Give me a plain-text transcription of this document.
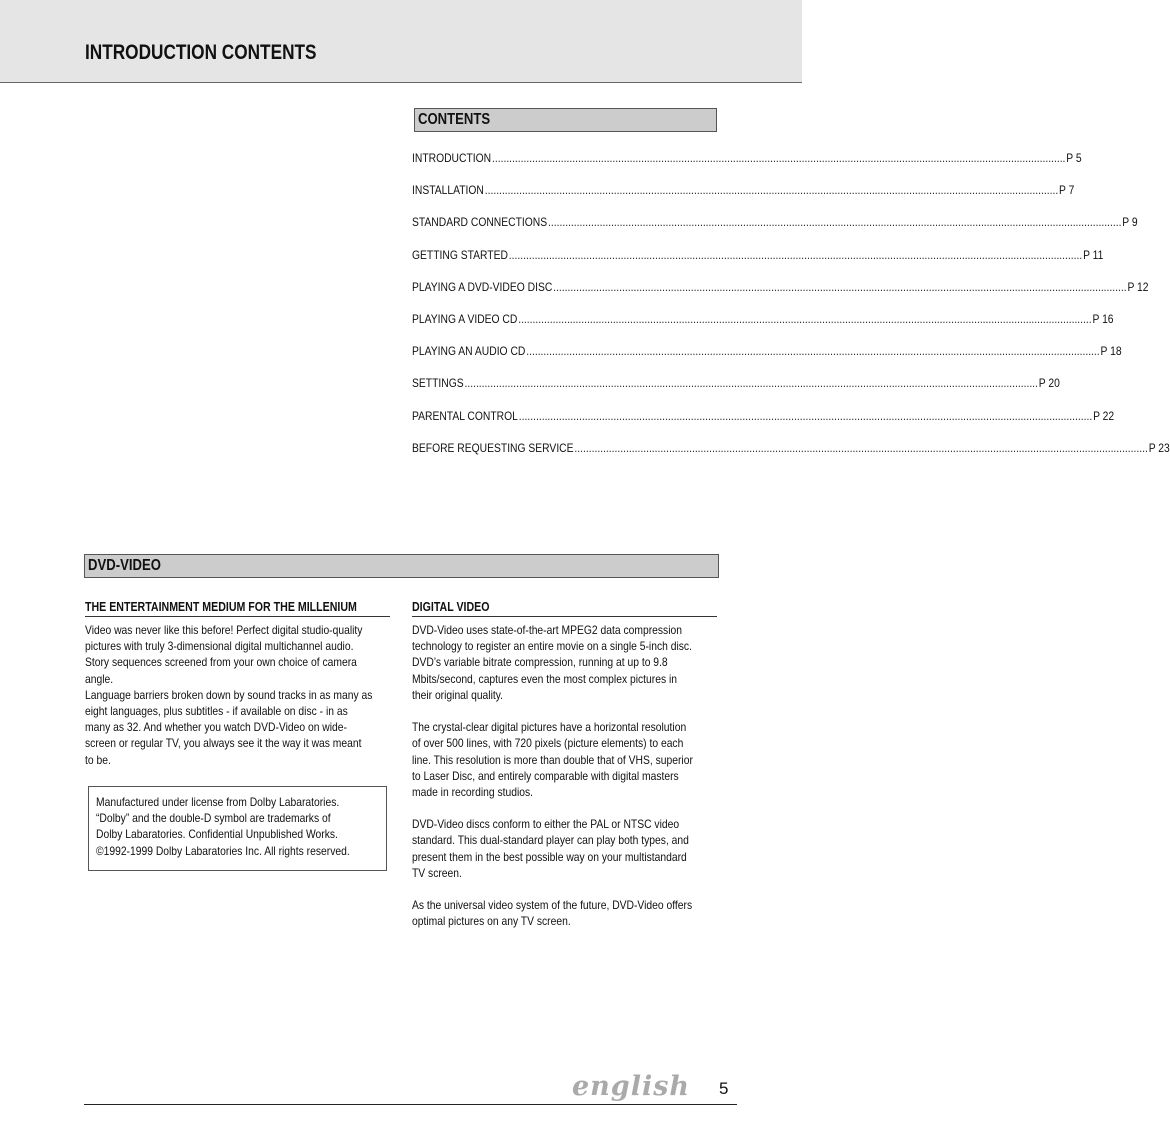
INTRODUCTION CONTENTS
CONTENTS
INTRODUCTION ........................................................................................................................................................................................................ P 5
INSTALLATION ........................................................................................................................................................................................................ P 7
STANDARD CONNECTIONS ........................................................................................................................................................................................................ P 9
GETTING STARTED ........................................................................................................................................................................................................ P 11
PLAYING A DVD-VIDEO DISC ........................................................................................................................................................................................................ P 12
PLAYING A VIDEO CD ........................................................................................................................................................................................................ P 16
PLAYING AN AUDIO CD ........................................................................................................................................................................................................ P 18
SETTINGS ........................................................................................................................................................................................................ P 20
PARENTAL CONTROL ........................................................................................................................................................................................................ P 22
BEFORE REQUESTING SERVICE ........................................................................................................................................................................................................ P 23
DVD-VIDEO
THE ENTERTAINMENT MEDIUM FOR THE MILLENIUM
Video was never like this before! Perfect digital studio-quality
pictures with truly 3-dimensional digital multichannel audio.
Story sequences screened from your own choice of camera
angle.
Language barriers broken down by sound tracks in as many as
eight languages, plus subtitles - if available on disc - in as
many as 32. And whether you watch DVD-Video on wide-
screen or regular TV, you always see it the way it was meant
to be.
Manufactured under license from Dolby Labaratories.
“Dolby” and the double-D symbol are trademarks of
Dolby Labaratories. Confidential Unpublished Works.
©1992-1999 Dolby Labaratories Inc. All rights reserved.
DIGITAL VIDEO
DVD-Video uses state-of-the-art MPEG2 data compression
technology to register an entire movie on a single 5-inch disc.
DVD’s variable bitrate compression, running at up to 9.8
Mbits/second, captures even the most complex pictures in
their original quality.
The crystal-clear digital pictures have a horizontal resolution
of over 500 lines, with 720 pixels (picture elements) to each
line. This resolution is more than double that of VHS, superior
to Laser Disc, and entirely comparable with digital masters
made in recording studios.
DVD-Video discs conform to either the PAL or NTSC video
standard. This dual-standard player can play both types, and
present them in the best possible way on your multistandard
TV screen.
As the universal video system of the future, DVD-Video offers
optimal pictures on any TV screen.
english 5
